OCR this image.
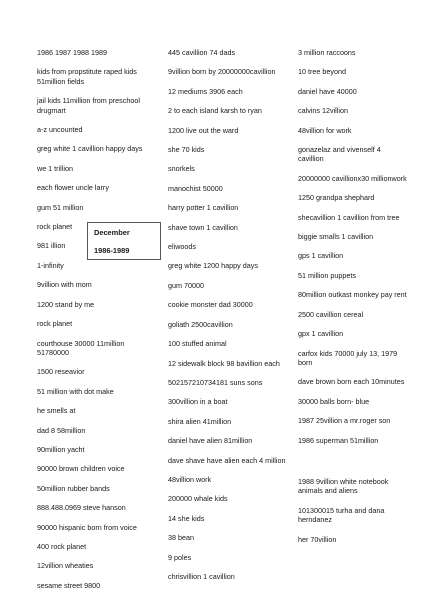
1986 1987 1988 1989
kids from propstitute raped kids 51million fields
jail kids 11million from preschool drugmart
a-z uncounted
greg white 1 cavillion happy days
we 1 trillion
each flower uncle larry
gum 51 million
rock planet
981 illion
1-infinity
9villion with mom
1200 stand by me
rock planet
courthouse 30000 11million 51780000
1500 reseavior
51 million with dot make
he smells at
dad 8 58million
90million yacht
90000 brown children voice
50million rubber bands
888.488.0969 steve hanson
90000 hispanic born from voice
400 rock planet
12villion wheaties
sesame street 9800
445 cavillion 74 dads
9villion born by 20000000cavillion
12 mediums 3906 each
2 to each island karsh to ryan
1200 live out the ward
she 70 kids
snorkels
manochist 50000
harry potter 1 cavillion
shave town 1 cavillion
eliwoods
greg white 1200 happy days
gum 70000
cookie monster dad 30000
goliath 2500cavillion
100 stuffed animal
12 sidewalk block 98 bavillion each
502157210734181 suns sons
300villion in a boat
shira alien 41million
daniel have alien 81million
dave shave have alien each 4 million
48villion work
200000 whale kids
14 she kids
38 bean
9 poles
chrisvillion 1 cavillion
3 million raccoons
10 tree beyond
daniel have 40000
calvins 12villion
48villion for work
gonazelaz and vivenself 4 cavillion
20000000 cavillionx30 millionwork
1250 grandpa shephard
shecavillion 1 cavillion from tree
biggie smalls 1 cavillion
gps 1 cavillion
51 million puppets
80million outkast monkey pay rent
2500 cavillion cereal
gpx 1 cavillion
carfox kids 70000 july 13, 1979 born
dave brown born each 10minutes
30000 balls born- blue
1987 25villion a mr.roger son
1986 superman 51million
1988 9villion white notebook animals and aliens
101300015 turha and dana herndanez
her 70villion
December
1986-1989
